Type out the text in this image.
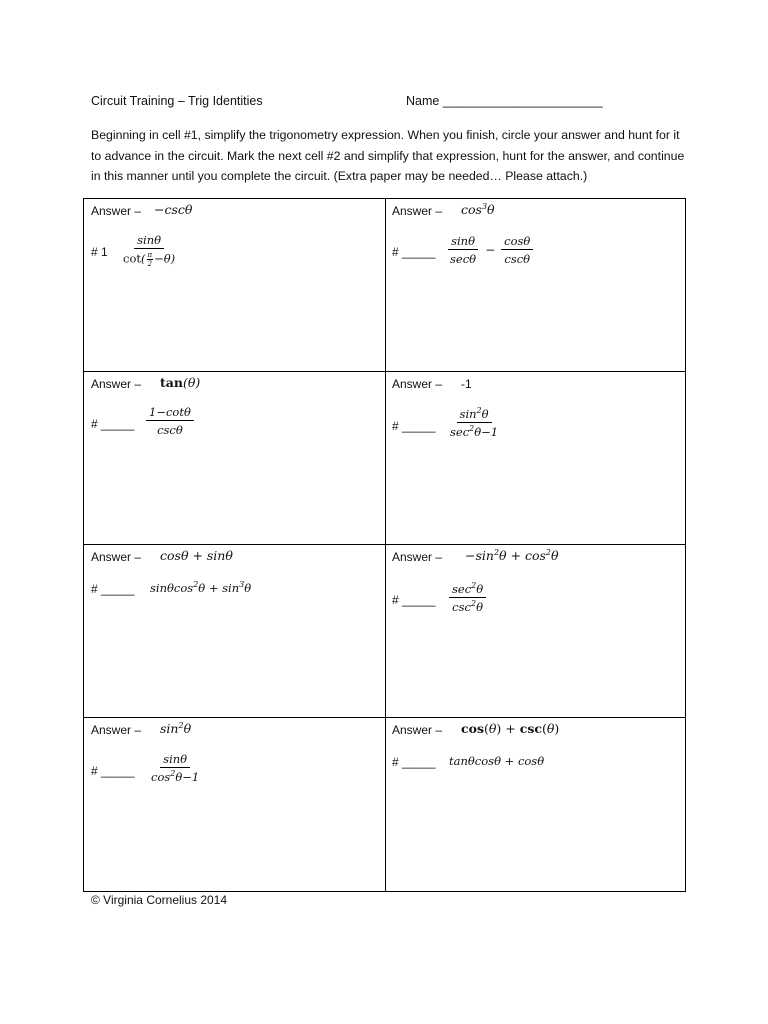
Circuit Training – Trig Identities	Name _______________________
Beginning in cell #1, simplify the trigonometry expression. When you finish, circle your answer and hunt for it to advance in the circuit. Mark the next cell #2 and simplify that expression, hunt for the answer, and continue in this manner until you complete the circuit. (Extra paper may be needed… Please attach.)
Answer – −cscθ
# $1 \frac{\sin\theta}{\cot( \frac{\pi}{2} -\theta)}$
Answer – $\cos^3\theta$
# _____ $\frac{\sin\theta}{\sec\theta} - \frac{\cos\theta}{\csc\theta}$
Answer – tan(θ)
# _____ $\frac{1-\cot\theta}{\csc\theta}$
Answer – -1
# _____ $\frac{\sin^2\theta}{\sec^2\theta-1}$
Answer – cosθ + sinθ
# _____ $\sin\theta\cos^2\theta + \sin^3\theta$
Answer – $-\sin^2\theta + \cos^2\theta$
# _____ $\frac{\sec^2\theta}{\csc^2\theta}$
Answer – $\sin^2\theta$
# _____ $\frac{\sin\theta}{\cos^2\theta-1}$
Answer – cos(θ) + csc(θ)
# _____ tanθcosθ + cosθ
© Virginia Cornelius 2014
